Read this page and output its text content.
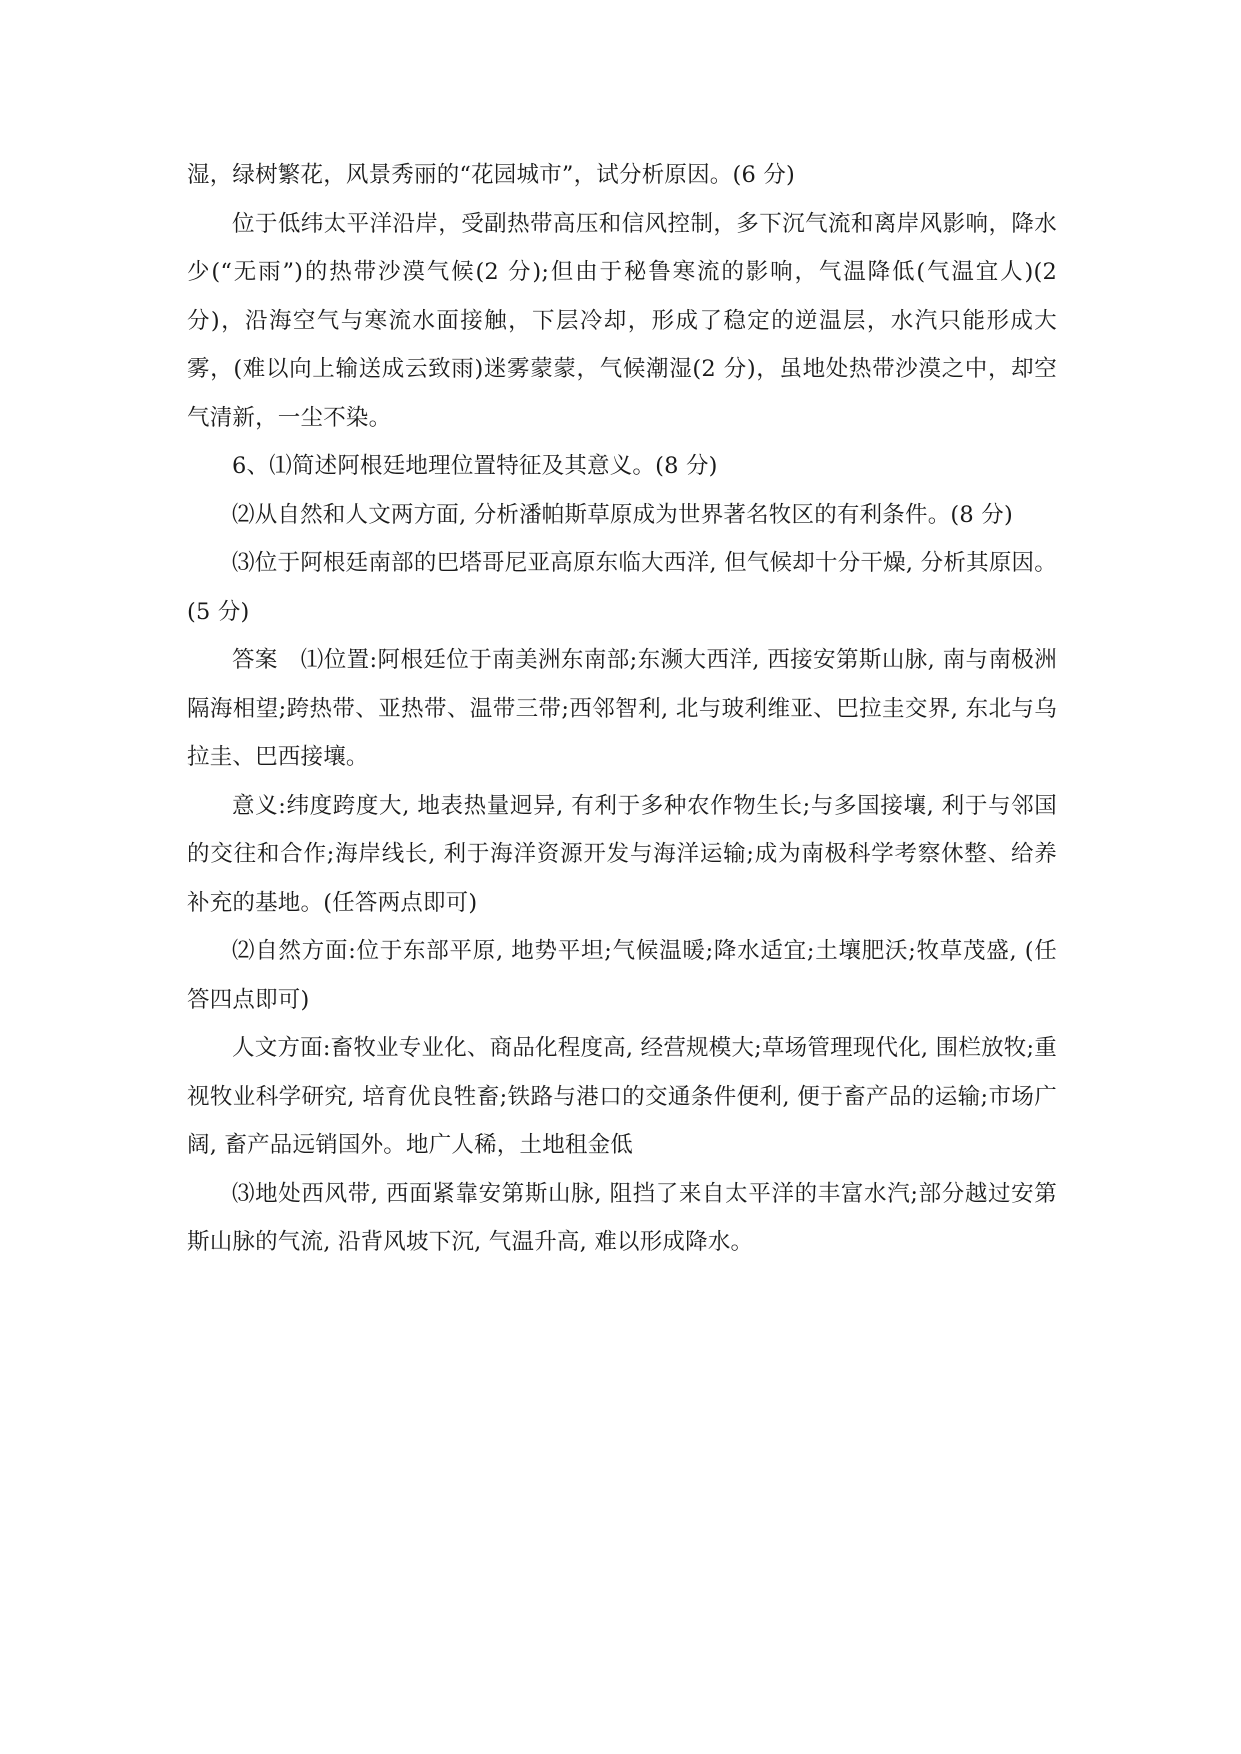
湿，绿树繁花，风景秀丽的“花园城市”，试分析原因。(6 分)

位于低纬太平洋沿岸，受副热带高压和信风控制，多下沉气流和离岸风影响，降水少(“无雨”)的热带沙漠气候(2 分);但由于秘鲁寒流的影响，气温降低(气温宜人)(2 分)，沿海空气与寒流水面接触，下层冷却，形成了稳定的逆温层，水汽只能形成大雾，(难以向上输送成云致雨)迷雾蒙蒙，气候潮湿(2 分)，虽地处热带沙漠之中，却空气清新，一尘不染。

6、⑴简述阿根廷地理位置特征及其意义。(8 分)

⑵从自然和人文两方面, 分析潘帕斯草原成为世界著名牧区的有利条件。(8 分)

⑶位于阿根廷南部的巴塔哥尼亚高原东临大西洋, 但气候却十分干燥, 分析其原因。(5 分)

答案　⑴位置:阿根廷位于南美洲东南部;东濒大西洋, 西接安第斯山脉, 南与南极洲隔海相望;跨热带、亚热带、温带三带;西邻智利, 北与玻利维亚、巴拉圭交界, 东北与乌拉圭、巴西接壤。

意义:纬度跨度大, 地表热量迥异, 有利于多种农作物生长;与多国接壤, 利于与邻国的交往和合作;海岸线长, 利于海洋资源开发与海洋运输;成为南极科学考察休整、给养补充的基地。(任答两点即可)

⑵自然方面:位于东部平原, 地势平坦;气候温暖;降水适宜;土壤肥沃;牧草茂盛, (任答四点即可)

人文方面:畜牧业专业化、商品化程度高, 经营规模大;草场管理现代化, 围栏放牧;重视牧业科学研究, 培育优良牲畜;铁路与港口的交通条件便利, 便于畜产品的运输;市场广阔, 畜产品远销国外。地广人稀，土地租金低

⑶地处西风带, 西面紧靠安第斯山脉, 阻挡了来自太平洋的丰富水汽;部分越过安第斯山脉的气流, 沿背风坡下沉, 气温升高, 难以形成降水。
